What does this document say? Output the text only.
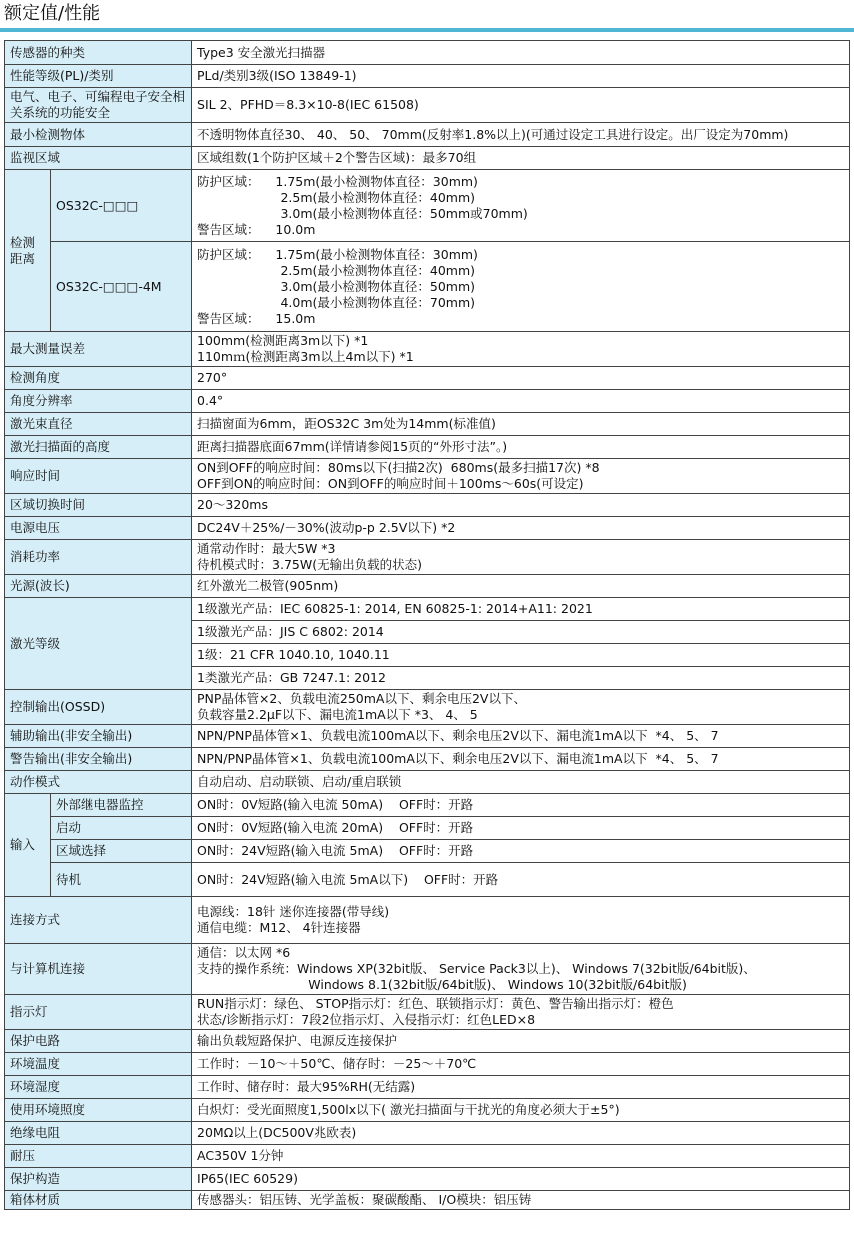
额定值/性能
传感器的种类		Type3 安全激光扫描器
性能等级(PL)/类别		PLd/类别3级(ISO 13849-1)
电气、电子、可编程电子安全相关系统的功能安全		SIL 2、PFHD＝8.3×10-8(IEC 61508)
最小检测物体		不透明物体直径30、 40、 50、 70mm(反射率1.8%以上)(可通过设定工具进行设定。出厂设定为70mm)
监视区域		区域组数(1个防护区域＋2个警告区域)：最多70组
检测距离	OS32C-□□□	防护区域：    1.75m(最小检测物体直径：30mm)
2.5m(最小检测物体直径：40mm)
3.0m(最小检测物体直径：50mm或70mm)
警告区域：    10.0m
	OS32C-□□□-4M	防护区域：    1.75m(最小检测物体直径：30mm)
2.5m(最小检测物体直径：40mm)
3.0m(最小检测物体直径：50mm)
4.0m(最小检测物体直径：70mm)
警告区域：    15.0m
最大测量误差		100mm(检测距离3m以下) *1
110mｍ(检测距离3m以上4m以下) *1
检测角度		270°
角度分辨率		0.4°
激光束直径		扫描窗面为6mm，距OS32C 3m处为14mm(标准值)
激光扫描面的高度		距离扫描器底面67mm(详情请参阅15页的“外形寸法”。)
响应时间		ON到OFF的响应时间：80ms以下(扫描2次)  680ms(最多扫描17次) *8
OFF到ON的响应时间：ON到OFF的响应时间＋100ms～60s(可设定)
区域切换时间		20～320ms
电源电压		DC24V＋25%/－30%(波动p-p 2.5V以下) *2
消耗功率		通常动作时：最大5W *3
待机模式时：3.75W(无输出负载的状态)
光源(波长)		红外激光二极管(905nm)
激光等级		1级激光产品：IEC 60825-1: 2014, EN 60825-1: 2014+A11: 2021
		1级激光产品：JIS C 6802: 2014
		1级：21 CFR 1040.10, 1040.11
		1类激光产品：GB 7247.1: 2012
控制输出(OSSD)		PNP晶体管×2、负载电流250mA以下、剩余电压2V以下、
负载容量2.2μF以下、漏电流1mA以下 *3、 4、 5
辅助输出(非安全输出)		NPN/PNP晶体管×1、负载电流100mA以下、剩余电压2V以下、漏电流1mA以下  *4、 5、 7
警告输出(非安全输出)		NPN/PNP晶体管×1、负载电流100mA以下、剩余电压2V以下、漏电流1mA以下  *4、 5、 7
动作模式		自动启动、启动联锁、启动/重启联锁
输入	外部继电器监控	ON时：0V短路(输入电流 50mA)    OFF时：开路
	启动	ON时：0V短路(输入电流 20mA)    OFF时：开路
	区域选择	ON时：24V短路(输入电流 5mA)    OFF时：开路
	待机	ON时：24V短路(输入电流 5mA以下)    OFF时：开路
连接方式		电源线：18针 迷你连接器(带导线)
通信电缆：M12、 4针连接器
与计算机连接		通信：以太网 *6
支持的操作系统：Windows XP(32bit版、 Service Pack3以上)、 Windows 7(32bit版/64bit版)、
Windows 8.1(32bit版/64bit版)、 Windows 10(32bit版/64bit版)
指示灯		RUN指示灯：绿色、 STOP指示灯：红色、联锁指示灯：黄色、警告输出指示灯：橙色
状态/诊断指示灯：7段2位指示灯、入侵指示灯：红色LED×8
保护电路		输出负载短路保护、电源反连接保护
环境温度		工作时：－10～＋50℃、储存时：－25～＋70℃
环境湿度		工作时、储存时：最大95%RH(无结露)
使用环境照度		白炽灯：受光面照度1,500lx以下( 激光扫描面与干扰光的角度必须大于±5°)
绝缘电阻		20MΩ以上(DC500V兆欧表)
耐压		AC350V 1分钟
保护构造		IP65(IEC 60529)
箱体材质		传感器头：铝压铸、光学盖板：聚碳酸酯、 I/O模块：铝压铸
